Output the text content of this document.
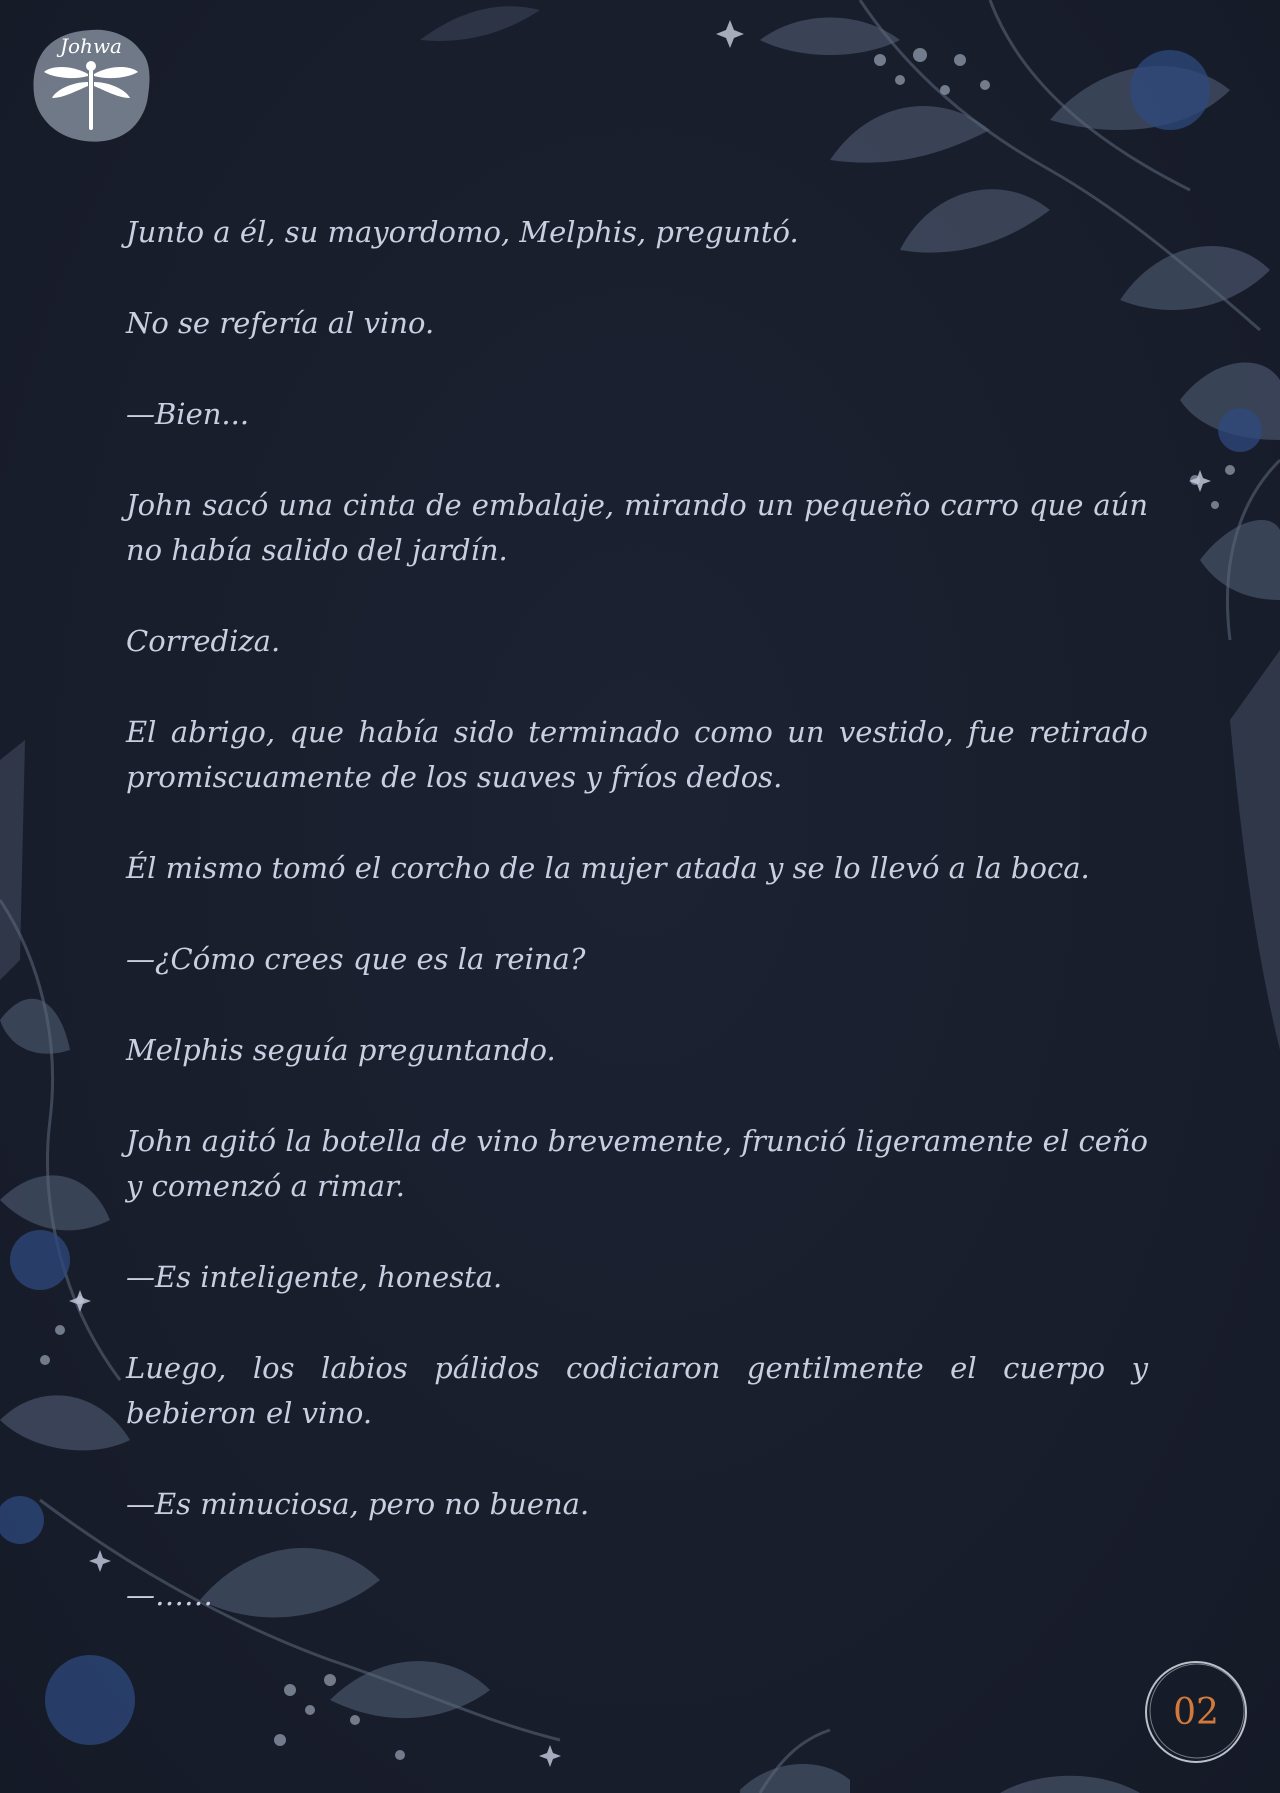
Johwa

Junto a él, su mayordomo, Melphis, preguntó.

No se refería al vino.

—Bien...

John sacó una cinta de embalaje, mirando un pequeño carro que aún no había salido del jardín.

Corrediza.

El abrigo, que había sido terminado como un vestido, fue retirado promiscuamente de los suaves y fríos dedos.

Él mismo tomó el corcho de la mujer atada y se lo llevó a la boca.

—¿Cómo crees que es la reina?

Melphis seguía preguntando.

John agitó la botella de vino brevemente, frunció ligeramente el ceño y comenzó a rimar.

—Es inteligente, honesta.

Luego, los labios pálidos codiciaron gentilmente el cuerpo y bebieron el vino.

—Es minuciosa, pero no buena.

—……

02
